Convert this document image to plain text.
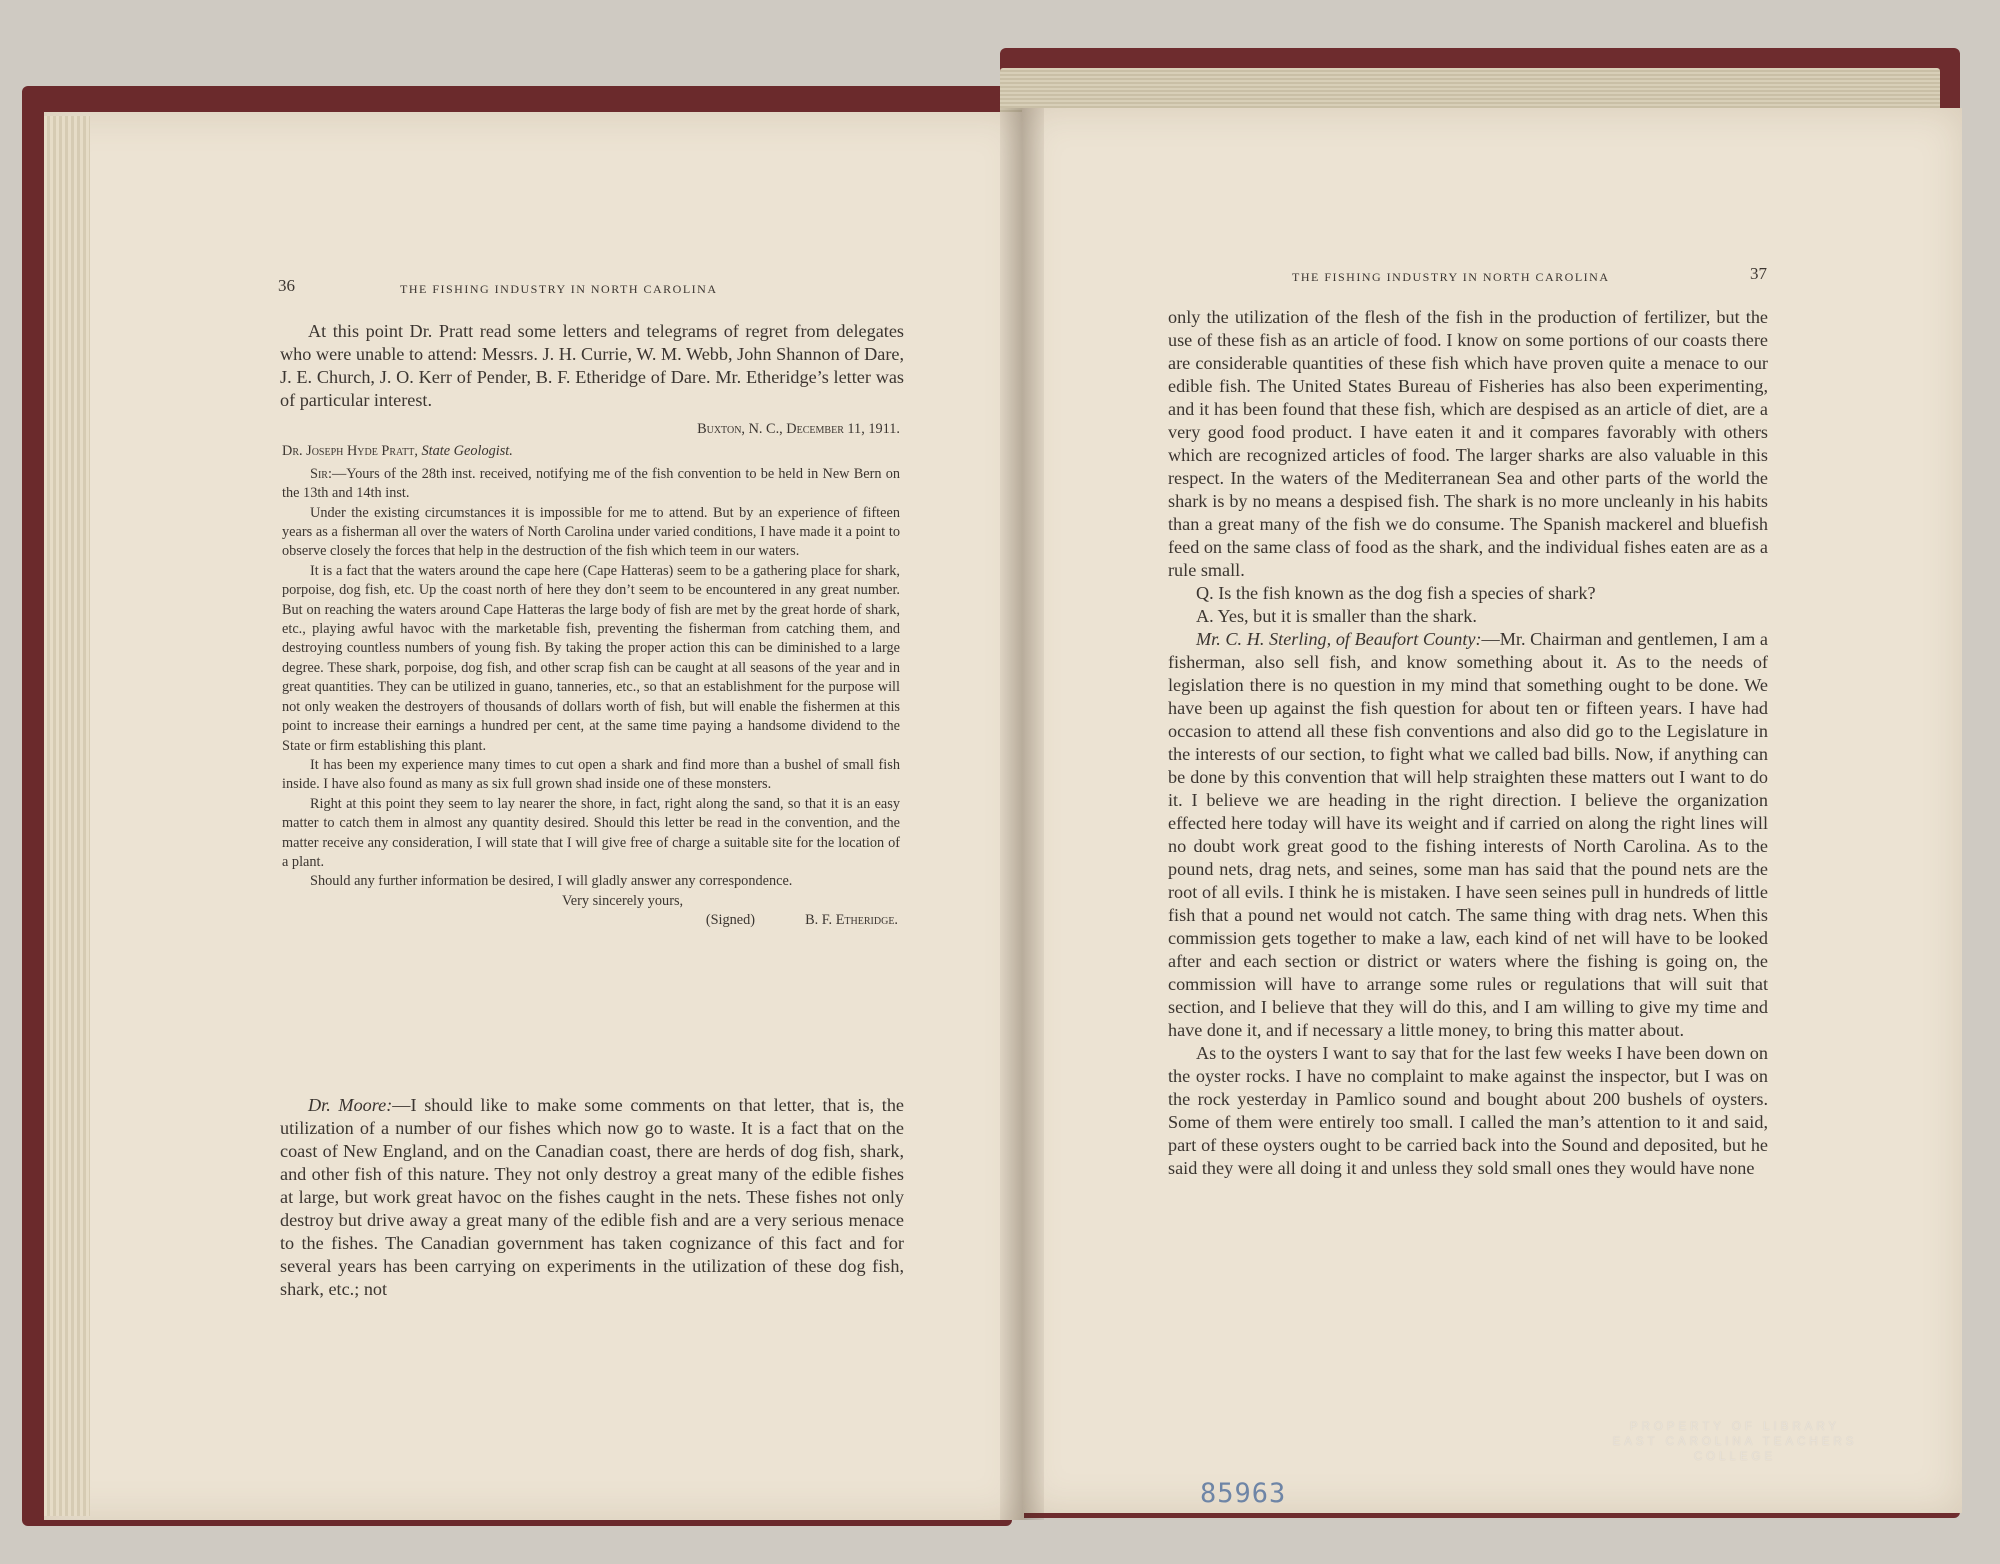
36	THE FISHING INDUSTRY IN NORTH CAROLINA

At this point Dr. Pratt read some letters and telegrams of regret from delegates who were unable to attend: Messrs. J. H. Currie, W. M. Webb, John Shannon of Dare, J. E. Church, J. O. Kerr of Pender, B. F. Etheridge of Dare. Mr. Etheridge’s letter was of particular interest.

Buxton, N. C., December 11, 1911.

Dr. Joseph Hyde Pratt, State Geologist.

Sir:—Yours of the 28th inst. received, notifying me of the fish convention to be held in New Bern on the 13th and 14th inst.

Under the existing circumstances it is impossible for me to attend. But by an experience of fifteen years as a fisherman all over the waters of North Carolina under varied conditions, I have made it a point to observe closely the forces that help in the destruction of the fish which teem in our waters.

It is a fact that the waters around the cape here (Cape Hatteras) seem to be a gathering place for shark, porpoise, dog fish, etc. Up the coast north of here they don’t seem to be encountered in any great number. But on reaching the waters around Cape Hatteras the large body of fish are met by the great horde of shark, etc., playing awful havoc with the marketable fish, preventing the fisherman from catching them, and destroying countless numbers of young fish. By taking the proper action this can be diminished to a large degree. These shark, porpoise, dog fish, and other scrap fish can be caught at all seasons of the year and in great quantities. They can be utilized in guano, tanneries, etc., so that an establishment for the purpose will not only weaken the destroyers of thousands of dollars worth of fish, but will enable the fishermen at this point to increase their earnings a hundred per cent, at the same time paying a handsome dividend to the State or firm establishing this plant.

It has been my experience many times to cut open a shark and find more than a bushel of small fish inside. I have also found as many as six full grown shad inside one of these monsters.

Right at this point they seem to lay nearer the shore, in fact, right along the sand, so that it is an easy matter to catch them in almost any quantity desired. Should this letter be read in the convention, and the matter receive any consideration, I will state that I will give free of charge a suitable site for the location of a plant.

Should any further information be desired, I will gladly answer any correspondence.

Very sincerely yours,

(Signed)	B. F. Etheridge.

Dr. Moore:—I should like to make some comments on that letter, that is, the utilization of a number of our fishes which now go to waste. It is a fact that on the coast of New England, and on the Canadian coast, there are herds of dog fish, shark, and other fish of this nature. They not only destroy a great many of the edible fishes at large, but work great havoc on the fishes caught in the nets. These fishes not only destroy but drive away a great many of the edible fish and are a very serious menace to the fishes. The Canadian government has taken cognizance of this fact and for several years has been carrying on experiments in the utilization of these dog fish, shark, etc.; not

THE FISHING INDUSTRY IN NORTH CAROLINA	37

only the utilization of the flesh of the fish in the production of fertilizer, but the use of these fish as an article of food. I know on some portions of our coasts there are considerable quantities of these fish which have proven quite a menace to our edible fish. The United States Bureau of Fisheries has also been experimenting, and it has been found that these fish, which are despised as an article of diet, are a very good food product. I have eaten it and it compares favorably with others which are recognized articles of food. The larger sharks are also valuable in this respect. In the waters of the Mediterranean Sea and other parts of the world the shark is by no means a despised fish. The shark is no more uncleanly in his habits than a great many of the fish we do consume. The Spanish mackerel and bluefish feed on the same class of food as the shark, and the individual fishes eaten are as a rule small.

Q. Is the fish known as the dog fish a species of shark?

A. Yes, but it is smaller than the shark.

Mr. C. H. Sterling, of Beaufort County:—Mr. Chairman and gentlemen, I am a fisherman, also sell fish, and know something about it. As to the needs of legislation there is no question in my mind that something ought to be done. We have been up against the fish question for about ten or fifteen years. I have had occasion to attend all these fish conventions and also did go to the Legislature in the interests of our section, to fight what we called bad bills. Now, if anything can be done by this convention that will help straighten these matters out I want to do it. I believe we are heading in the right direction. I believe the organization effected here today will have its weight and if carried on along the right lines will no doubt work great good to the fishing interests of North Carolina. As to the pound nets, drag nets, and seines, some man has said that the pound nets are the root of all evils. I think he is mistaken. I have seen seines pull in hundreds of little fish that a pound net would not catch. The same thing with drag nets. When this commission gets together to make a law, each kind of net will have to be looked after and each section or district or waters where the fishing is going on, the commission will have to arrange some rules or regulations that will suit that section, and I believe that they will do this, and I am willing to give my time and have done it, and if necessary a little money, to bring this matter about.

As to the oysters I want to say that for the last few weeks I have been down on the oyster rocks. I have no complaint to make against the inspector, but I was on the rock yesterday in Pamlico sound and bought about 200 bushels of oysters. Some of them were entirely too small. I called the man’s attention to it and said, part of these oysters ought to be carried back into the Sound and deposited, but he said they were all doing it and unless they sold small ones they would have none

PROPERTY OF LIBRARY
EAST CAROLINA TEACHERS COLLEGE
85963
